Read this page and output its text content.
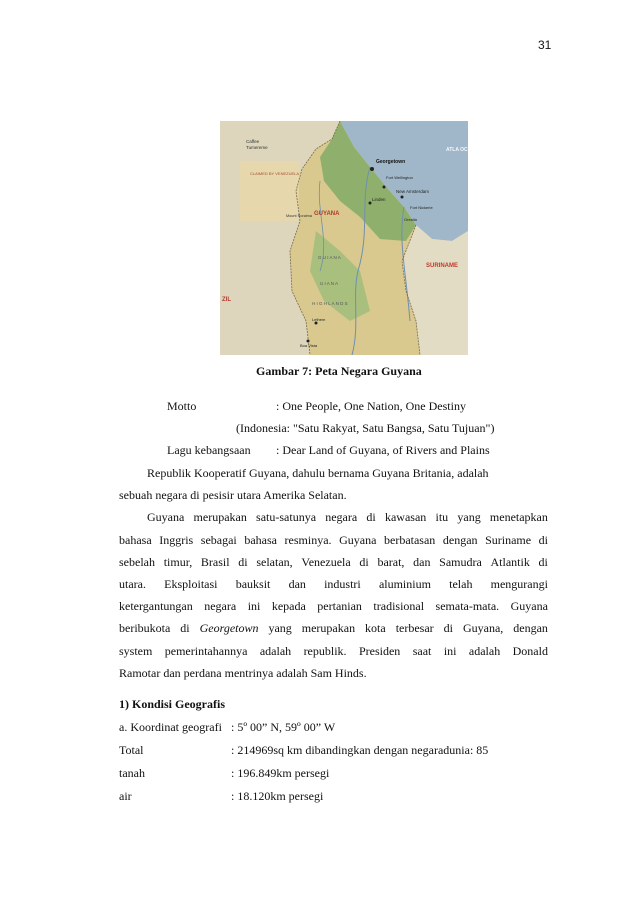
31
Caffee
Tumereme
Georgetown
Fort Wellington
New Amsterdam
Fort Nickerie
Linden
Orealla
GUYANA
SURINAME
ATLA OC
CLAIMED BY VENEZUELA
Mount Roraima
G U I A N A
U I A N A
H I G H L A N D S
Lethem
Boa Vista
ZIL
Gambar 7: Peta Negara Guyana
Motto	: One People, One Nation, One Destiny
(Indonesia: "Satu Rakyat, Satu Bangsa, Satu Tujuan")
Lagu kebangsaan : Dear Land of Guyana, of Rivers and Plains
Republik Kooperatif Guyana, dahulu bernama Guyana Britania, adalah
sebuah negara di pesisir utara Amerika Selatan.
Guyana merupakan satu-satunya negara di kawasan itu yang menetapkan
bahasa Inggris sebagai bahasa resminya. Guyana berbatasan dengan Suriname di
sebelah timur, Brasil di selatan, Venezuela di barat, dan Samudra Atlantik di
utara. Eksploitasi bauksit dan industri aluminium telah mengurangi
ketergantungan negara ini kepada pertanian tradisional semata-mata. Guyana
beribukota di Georgetown yang merupakan kota terbesar di Guyana, dengan
system pemerintahannya adalah republik. Presiden saat ini adalah Donald
Ramotar dan perdana mentrinya adalah Sam Hinds.
1) Kondisi Geografis
a. Koordinat geografi : 5º 00” N, 59º 00” W
Total	: 214969sq km dibandingkan dengan negaradunia: 85
tanah	: 196.849km persegi
air	: 18.120km persegi
